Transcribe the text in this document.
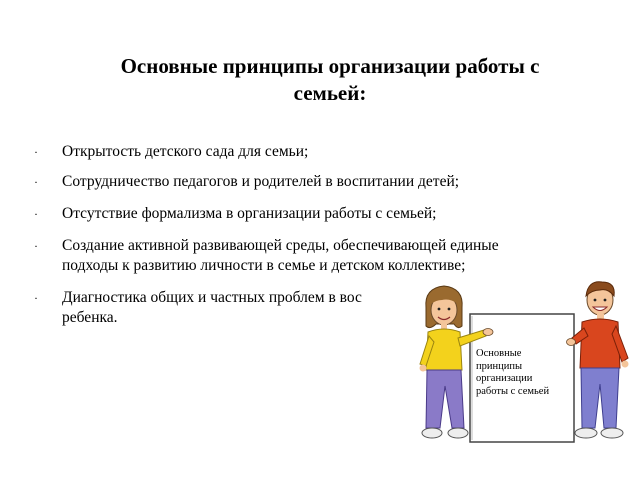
Основные принципы организации работы с
семьей:
· Открытость детского сада для семьи;
· Сотрудничество педагогов и родителей в воспитании детей;
· Отсутствие формализма в организации работы с семьей;
· Создание активной развивающей среды, обеспечивающей единые
подходы к развитию личности в семье и детском коллективе;
· Диагностика общих и частных проблем в вос
ребенка.
Основные
принципы
организации
работы с семьей
